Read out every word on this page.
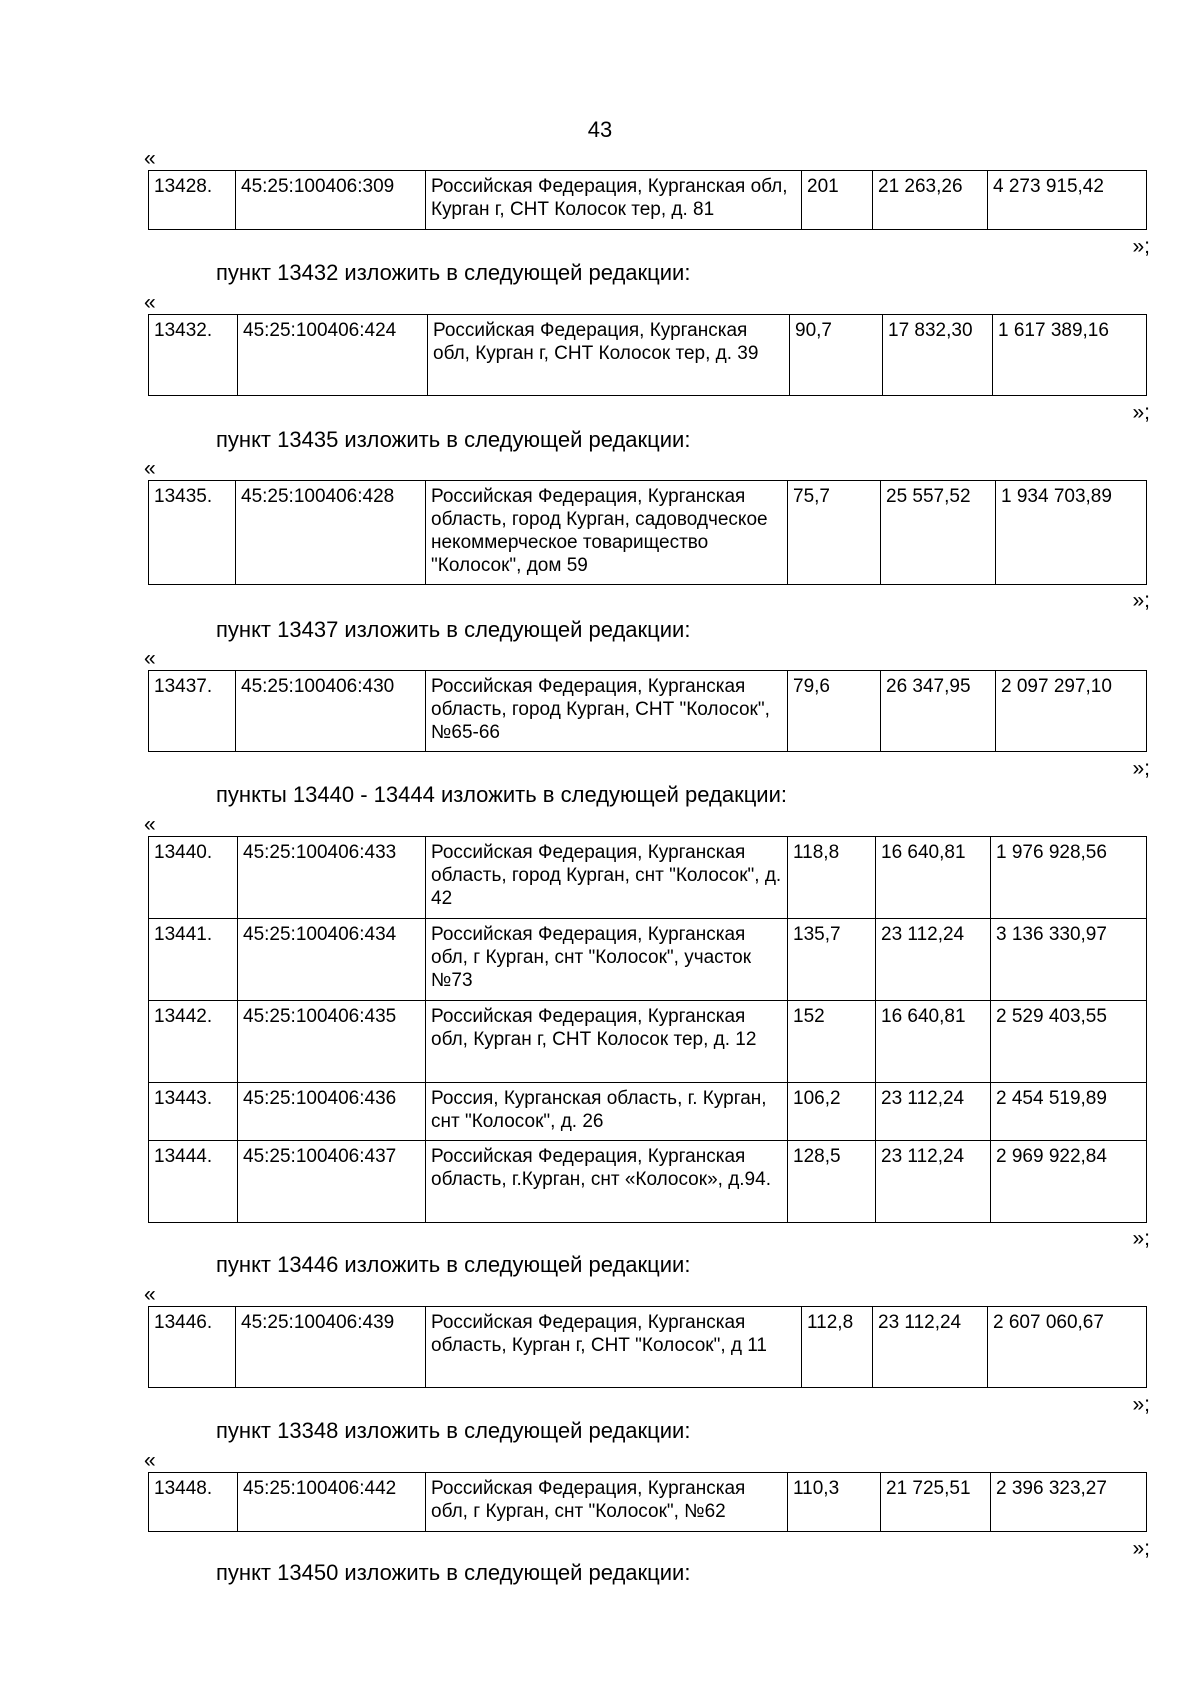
43
«
13428.	45:25:100406:309	Российская Федерация, Курганская обл, Курган г, СНТ Колосок тер, д. 81	201	21 263,26	4 273 915,42
»;
пункт 13432 изложить в следующей редакции:
«
13432.	45:25:100406:424	Российская Федерация, Курганская обл, Курган г, СНТ Колосок тер, д. 39	90,7	17 832,30	1 617 389,16
»;
пункт 13435 изложить в следующей редакции:
«
13435.	45:25:100406:428	Российская Федерация, Курганская область, город Курган, садоводческое некоммерческое товарищество "Колосок", дом 59	75,7	25 557,52	1 934 703,89
»;
пункт 13437 изложить в следующей редакции:
«
13437.	45:25:100406:430	Российская Федерация, Курганская область, город Курган, СНТ "Колосок", №65-66	79,6	26 347,95	2 097 297,10
»;
пункты 13440 - 13444 изложить в следующей редакции:
«
13440.	45:25:100406:433	Российская Федерация, Курганская область, город Курган, снт "Колосок", д. 42	118,8	16 640,81	1 976 928,56
13441.	45:25:100406:434	Российская Федерация, Курганская обл, г Курган, снт "Колосок", участок №73	135,7	23 112,24	3 136 330,97
13442.	45:25:100406:435	Российская Федерация, Курганская обл, Курган г, СНТ Колосок тер, д. 12	152	16 640,81	2 529 403,55
13443.	45:25:100406:436	Россия, Курганская область, г. Курган, снт "Колосок", д. 26	106,2	23 112,24	2 454 519,89
13444.	45:25:100406:437	Российская Федерация, Курганская область, г.Курган, снт «Колосок», д.94.	128,5	23 112,24	2 969 922,84
»;
пункт 13446 изложить в следующей редакции:
«
13446.	45:25:100406:439	Российская Федерация, Курганская область, Курган г, СНТ "Колосок", д 11	112,8	23 112,24	2 607 060,67
»;
пункт 13348 изложить в следующей редакции:
«
13448.	45:25:100406:442	Российская Федерация, Курганская обл, г Курган, снт "Колосок", №62	110,3	21 725,51	2 396 323,27
»;
пункт 13450 изложить в следующей редакции:
